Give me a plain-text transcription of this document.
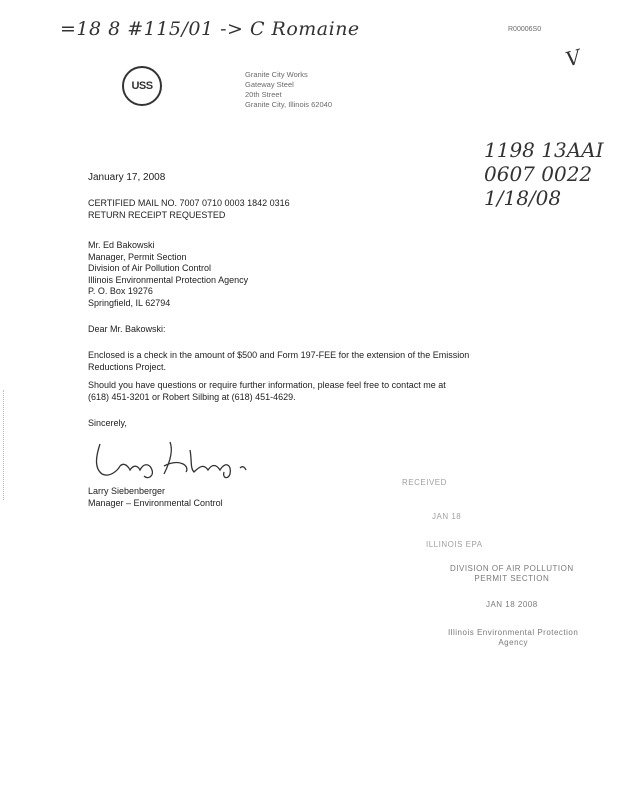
=18 8 #115/01 -> C Romaine	R00006S0
V
USS
Granite City Works
Gateway Steel
20th Street
Granite City, Illinois 62040
1198 13AAI
0607 0022
1/18/08
January 17, 2008
CERTIFIED MAIL NO. 7007 0710 0003 1842 0316
RETURN RECEIPT REQUESTED
Mr. Ed Bakowski
Manager, Permit Section
Division of Air Pollution Control
Illinois Environmental Protection Agency
P. O. Box 19276
Springfield, IL 62794
Dear Mr. Bakowski:
Enclosed is a check in the amount of $500 and Form 197-FEE for the extension of the Emission
Reductions Project.
Should you have questions or require further information, please feel free to contact me at
(618) 451-3201 or Robert Silbing at (618) 451-4629.
Sincerely,
Larry Siebenberger
Manager – Environmental Control
RECEIVED
JAN 18
ILLINOIS EPA
DIVISION OF AIR POLLUTION
PERMIT SECTION
JAN 18 2008
Illinois Environmental Protection
Agency
